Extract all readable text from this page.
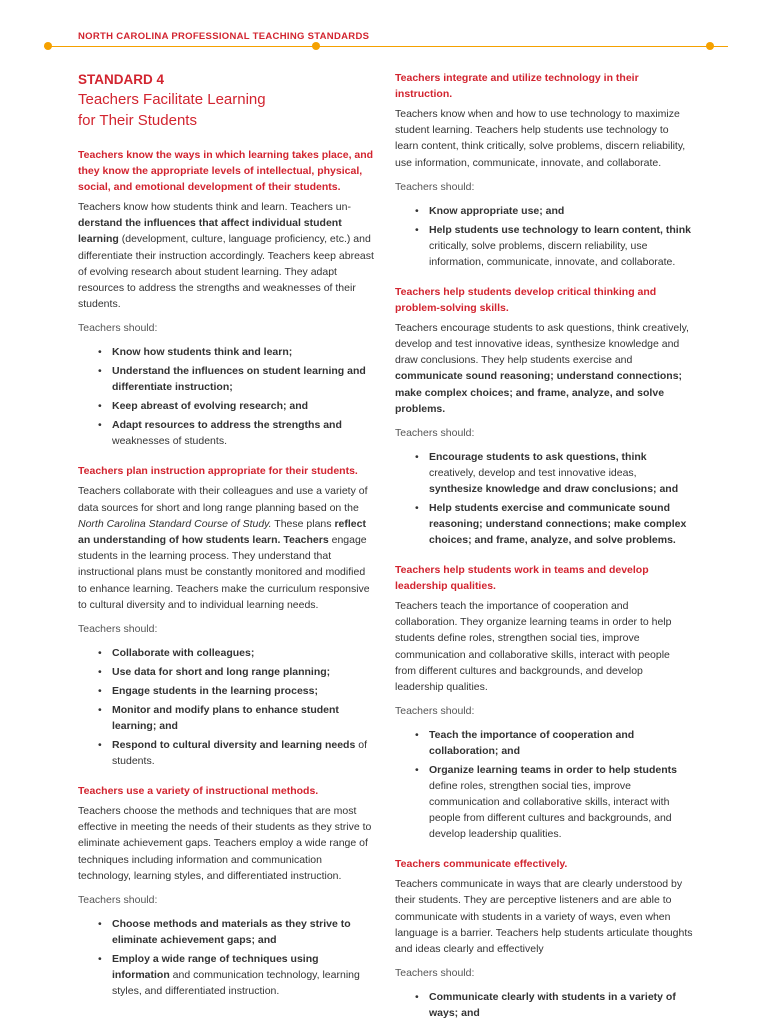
NORTH CAROLINA PROFESSIONAL TEACHING STANDARDS
STANDARD 4
Teachers Facilitate Learning
for Their Students
Teachers know the ways in which learning takes place, and they know the appropriate levels of intellectual, physical, social, and emotional development of their students.

Teachers know how students think and learn. Teachers un-derstand the influences that affect individual student learning (development, culture, language proficiency, etc.) and differentiate their instruction accordingly. Teachers keep abreast of evolving research about student learning. They adapt resources to address the strengths and weaknesses of their students.

Teachers should:
• Know how students think and learn;
• Understand the influences on student learning and differentiate instruction;
• Keep abreast of evolving research; and
• Adapt resources to address the strengths and weaknesses of students.
Teachers plan instruction appropriate for their students.

Teachers collaborate with their colleagues and use a variety of data sources for short and long range planning based on the North Carolina Standard Course of Study. These plans reflect an understanding of how students learn. Teachers engage students in the learning process. They understand that instructional plans must be constantly monitored and modified to enhance learning. Teachers make the curriculum responsive to cultural diversity and to individual learning needs.

Teachers should:
• Collaborate with colleagues;
• Use data for short and long range planning;
• Engage students in the learning process;
• Monitor and modify plans to enhance student learning; and
• Respond to cultural diversity and learning needs of students.
Teachers use a variety of instructional methods.

Teachers choose the methods and techniques that are most effective in meeting the needs of their students as they strive to eliminate achievement gaps. Teachers employ a wide range of techniques including information and communication technology, learning styles, and differentiated instruction.

Teachers should:
• Choose methods and materials as they strive to eliminate achievement gaps; and
• Employ a wide range of techniques using information and communication technology, learning styles, and differentiated instruction.
Teachers integrate and utilize technology in their instruction.

Teachers know when and how to use technology to maximize student learning. Teachers help students use technology to learn content, think critically, solve problems, discern reliability, use information, communicate, innovate, and collaborate.

Teachers should:
• Know appropriate use; and
• Help students use technology to learn content, think critically, solve problems, discern reliability, use information, communicate, innovate, and collaborate.
Teachers help students develop critical thinking and problem-solving skills.

Teachers encourage students to ask questions, think creatively, develop and test innovative ideas, synthesize knowledge and draw conclusions. They help students exercise and communicate sound reasoning; understand connections; make complex choices; and frame, analyze, and solve problems.

Teachers should:
• Encourage students to ask questions, think creatively, develop and test innovative ideas, synthesize knowledge and draw conclusions; and
• Help students exercise and communicate sound reasoning; understand connections; make complex choices; and frame, analyze, and solve problems.
Teachers help students work in teams and develop leadership qualities.

Teachers teach the importance of cooperation and collaboration. They organize learning teams in order to help students define roles, strengthen social ties, improve communication and collaborative skills, interact with people from different cultures and backgrounds, and develop leadership qualities.

Teachers should:
• Teach the importance of cooperation and collaboration; and
• Organize learning teams in order to help students define roles, strengthen social ties, improve communication and collaborative skills, interact with people from different cultures and backgrounds, and develop leadership qualities.
Teachers communicate effectively.

Teachers communicate in ways that are clearly understood by their students. They are perceptive listeners and are able to communicate with students in a variety of ways, even when language is a barrier. Teachers help students articulate thoughts and ideas clearly and effectively

Teachers should:
• Communicate clearly with students in a variety of ways; and
